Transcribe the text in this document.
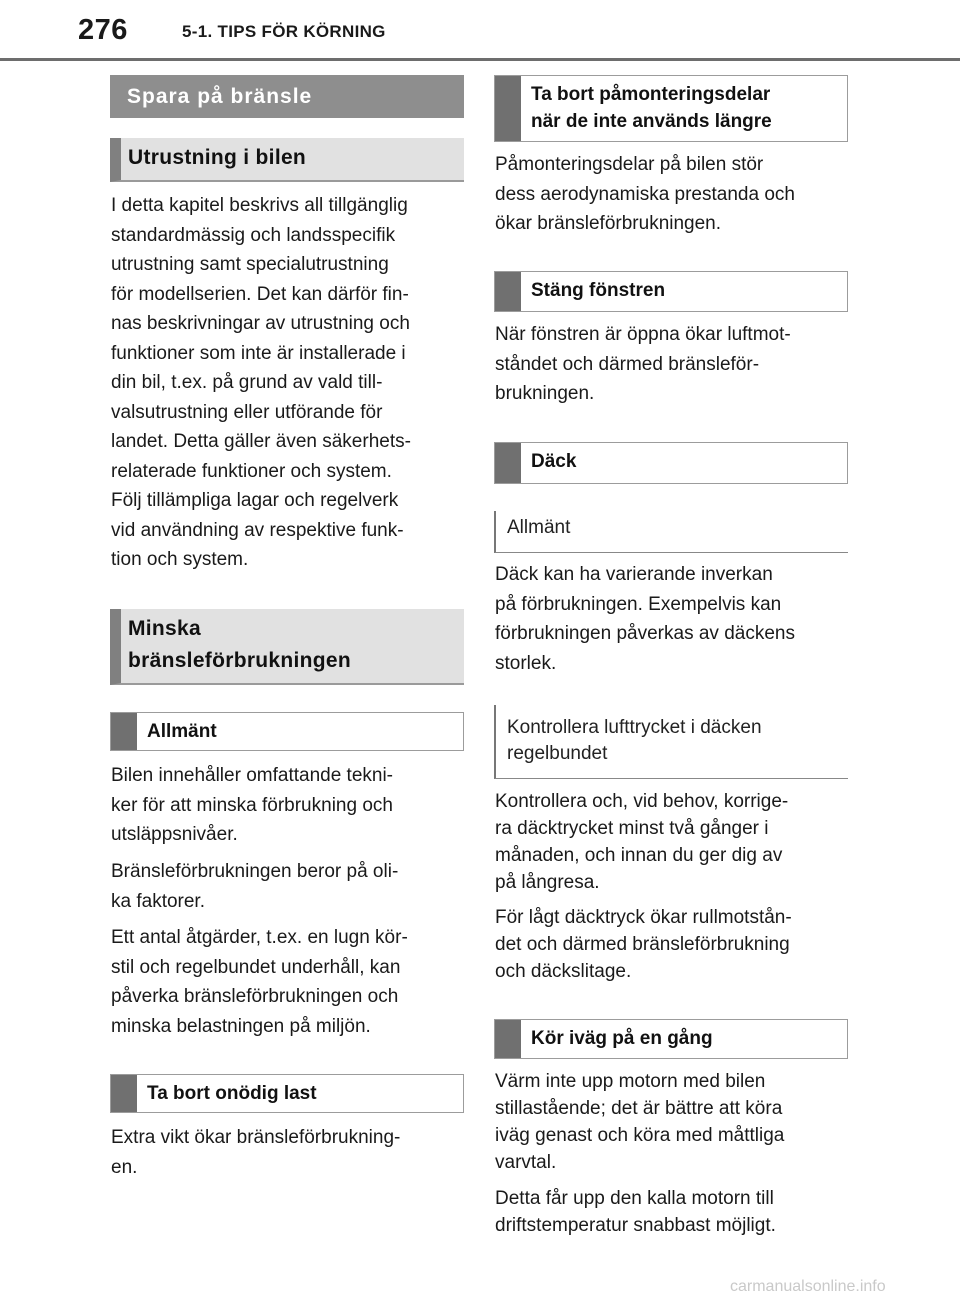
276	5-1. TIPS FÖR KÖRNING
Spara på bränsle
Utrustning i bilen
I detta kapitel beskrivs all tillgänglig
standardmässig och landsspecifik
utrustning samt specialutrustning
för modellserien. Det kan därför fin-
nas beskrivningar av utrustning och
funktioner som inte är installerade i
din bil, t.ex. på grund av vald till-
valsutrustning eller utförande för
landet. Detta gäller även säkerhets-
relaterade funktioner och system.
Följ tillämpliga lagar och regelverk
vid användning av respektive funk-
tion och system.
Minska
bränsleförbrukningen
Allmänt
Bilen innehåller omfattande tekni-
ker för att minska förbrukning och
utsläppsnivåer.
Bränsleförbrukningen beror på oli-
ka faktorer.
Ett antal åtgärder, t.ex. en lugn kör-
stil och regelbundet underhåll, kan
påverka bränsleförbrukningen och
minska belastningen på miljön.
Ta bort onödig last
Extra vikt ökar bränsleförbrukning-
en.
Ta bort påmonteringsdelar
när de inte används längre
Påmonteringsdelar på bilen stör
dess aerodynamiska prestanda och
ökar bränsleförbrukningen.
Stäng fönstren
När fönstren är öppna ökar luftmot-
ståndet och därmed bränsleför-
brukningen.
Däck
Allmänt
Däck kan ha varierande inverkan
på förbrukningen. Exempelvis kan
förbrukningen påverkas av däckens
storlek.
Kontrollera lufttrycket i däcken
regelbundet
Kontrollera och, vid behov, korrige-
ra däcktrycket minst två gånger i
månaden, och innan du ger dig av
på långresa.
För lågt däcktryck ökar rullmotstån-
det och därmed bränsleförbrukning
och däckslitage.
Kör iväg på en gång
Värm inte upp motorn med bilen
stillastående; det är bättre att köra
iväg genast och köra med måttliga
varvtal.
Detta får upp den kalla motorn till
driftstemperatur snabbast möjligt.
carmanualsonline.info
